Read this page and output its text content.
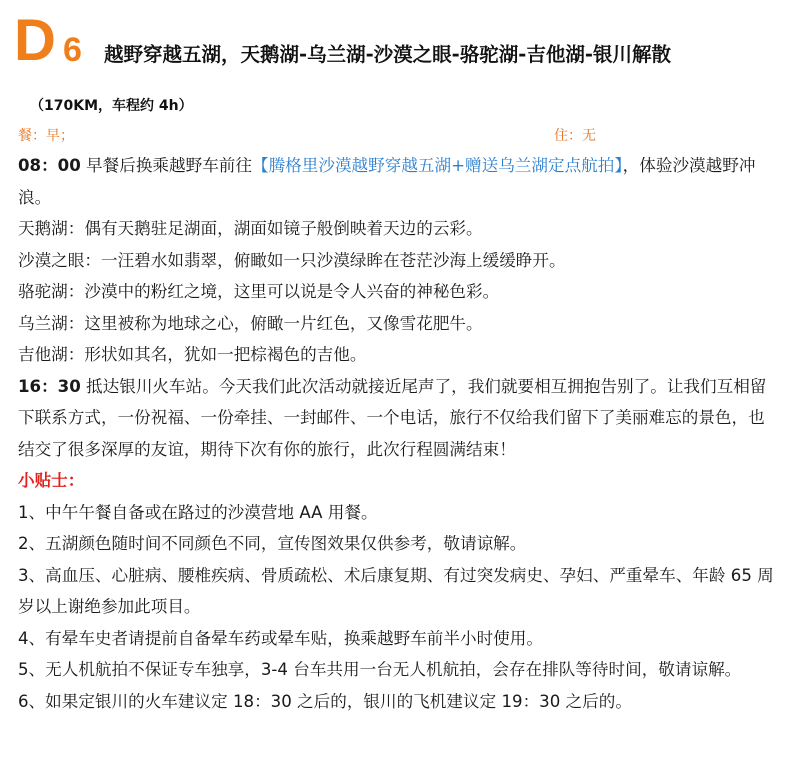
D 6 越野穿越五湖，天鹅湖-乌兰湖-沙漠之眼-骆驼湖-吉他湖-银川解散
（170KM，车程约 4h）
餐：早；	住：无

08：00 早餐后换乘越野车前往【腾格里沙漠越野穿越五湖+赠送乌兰湖定点航拍】，体验沙漠越野冲浪。

天鹅湖：偶有天鹅驻足湖面，湖面如镜子般倒映着天边的云彩。

沙漠之眼：一汪碧水如翡翠，俯瞰如一只沙漠绿眸在苍茫沙海上缓缓睁开。

骆驼湖：沙漠中的粉红之境，这里可以说是令人兴奋的神秘色彩。

乌兰湖：这里被称为地球之心，俯瞰一片红色，又像雪花肥牛。

吉他湖：形状如其名，犹如一把棕褐色的吉他。

16：30 抵达银川火车站。今天我们此次活动就接近尾声了，我们就要相互拥抱告别了。让我们互相留下联系方式，一份祝福、一份牵挂、一封邮件、一个电话，旅行不仅给我们留下了美丽难忘的景色，也结交了很多深厚的友谊，期待下次有你的旅行，此次行程圆满结束！

小贴士：

1、中午午餐自备或在路过的沙漠营地 AA 用餐。

2、五湖颜色随时间不同颜色不同，宣传图效果仅供参考，敬请谅解。

3、高血压、心脏病、腰椎疾病、骨质疏松、术后康复期、有过突发病史、孕妇、严重晕车、年龄 65 周岁以上谢绝参加此项目。

4、有晕车史者请提前自备晕车药或晕车贴，换乘越野车前半小时使用。

5、无人机航拍不保证专车独享，3-4 台车共用一台无人机航拍，会存在排队等待时间，敬请谅解。

6、如果定银川的火车建议定 18：30 之后的，银川的飞机建议定 19：30 之后的。
